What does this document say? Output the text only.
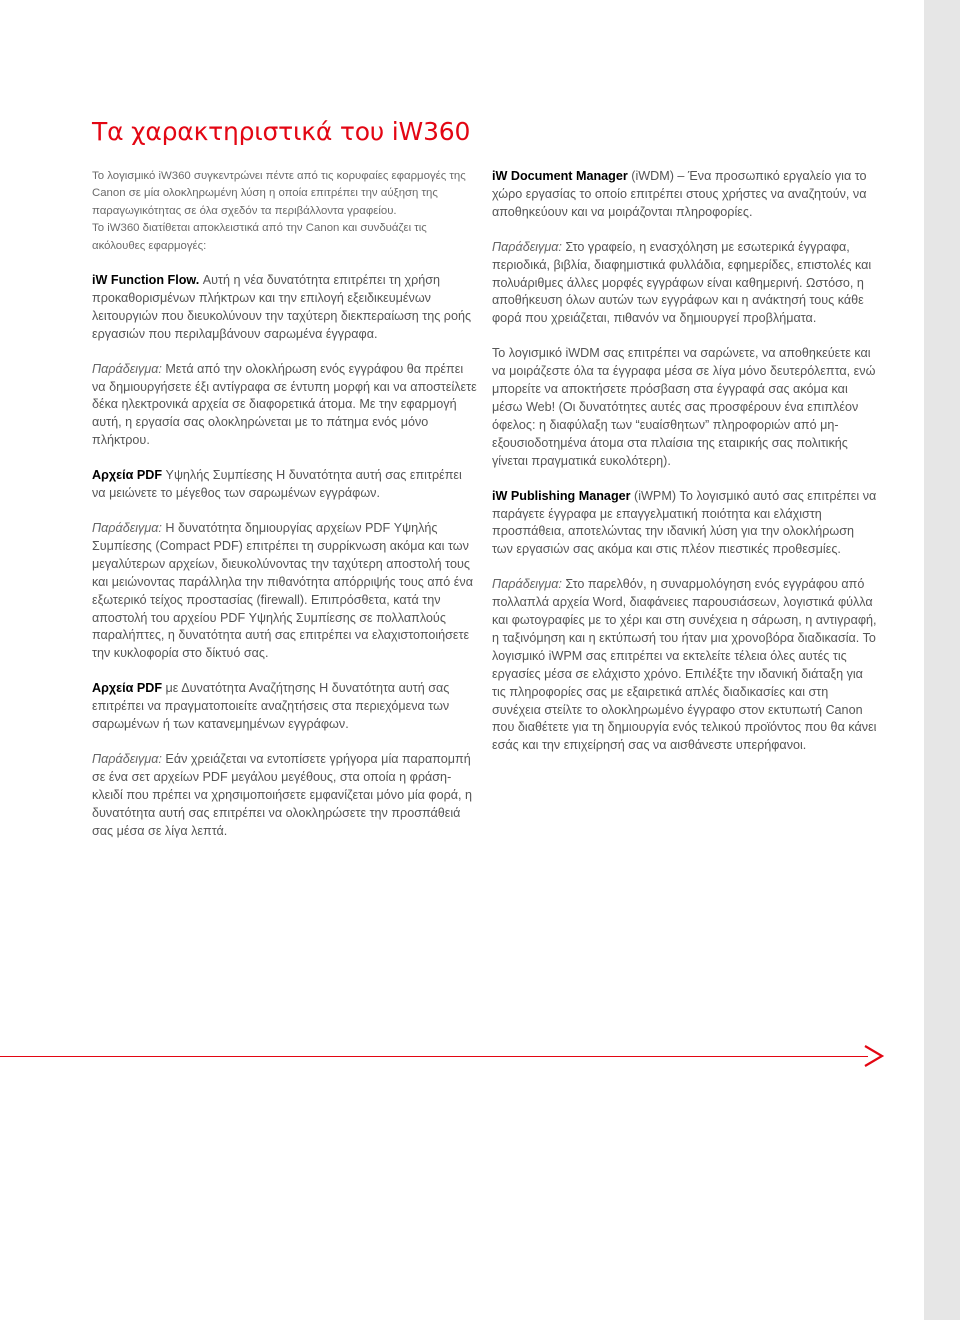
Τα χαρακτηριστικά του iW360

Το λογισμικό iW360 συγκεντρώνει πέντε από τις κορυφαίες εφαρμογές της Canon σε μία ολοκληρωμένη λύση η οποία επιτρέπει την αύξηση της παραγωγικότητας σε όλα σχεδόν τα περιβάλλοντα γραφείου.

Το iW360 διατίθεται αποκλειστικά από την Canon και συνδυάζει τις ακόλουθες εφαρμογές:

iW Function Flow. Αυτή η νέα δυνατότητα επιτρέπει τη χρήση προκαθορισμένων πλήκτρων και την επιλογή εξειδικευμένων λειτουργιών που διευκολύνουν την ταχύτερη διεκπεραίωση της ροής εργασιών που περιλαμβάνουν σαρωμένα έγγραφα.

Παράδειγμα: Μετά από την ολοκλήρωση ενός εγγράφου θα πρέπει να δημιουργήσετε έξι αντίγραφα σε έντυπη μορφή και να αποστείλετε δέκα ηλεκτρονικά αρχεία σε διαφορετικά άτομα. Με την εφαρμογή αυτή, η εργασία σας ολοκληρώνεται με το πάτημα ενός μόνο πλήκτρου.

Αρχεία PDF Υψηλής Συμπίεσης Η δυνατότητα αυτή σας επιτρέπει να μειώνετε το μέγεθος των σαρωμένων εγγράφων.

Παράδειγμα: Η δυνατότητα δημιουργίας αρχείων PDF Υψηλής Συμπίεσης (Compact PDF) επιτρέπει τη συρρίκνωση ακόμα και των μεγαλύτερων αρχείων, διευκολύνοντας την ταχύτερη αποστολή τους και μειώνοντας παράλληλα την πιθανότητα απόρριψής τους από ένα εξωτερικό τείχος προστασίας (firewall). Επιπρόσθετα, κατά την αποστολή του αρχείου PDF Υψηλής Συμπίεσης σε πολλαπλούς παραλήπτες, η δυνατότητα αυτή σας επιτρέπει να ελαχιστοποιήσετε την κυκλοφορία στο δίκτυό σας.

Αρχεία PDF με Δυνατότητα Αναζήτησης Η δυνατότητα αυτή σας επιτρέπει να πραγματοποιείτε αναζητήσεις στα περιεχόμενα των σαρωμένων ή των κατανεμημένων εγγράφων.

Παράδειγμα: Εάν χρειάζεται να εντοπίσετε γρήγορα μία παραπομπή σε ένα σετ αρχείων PDF μεγάλου μεγέθους, στα οποία η φράση-κλειδί που πρέπει να χρησιμοποιήσετε εμφανίζεται μόνο μία φορά, η δυνατότητα αυτή σας επιτρέπει να ολοκληρώσετε την προσπάθειά σας μέσα σε λίγα λεπτά.

iW Document Manager (iWDM) – Ένα προσωπικό εργαλείο για το χώρο εργασίας το οποίο επιτρέπει στους χρήστες να αναζητούν, να αποθηκεύουν και να μοιράζονται πληροφορίες.

Παράδειγμα: Στο γραφείο, η ενασχόληση με εσωτερικά έγγραφα, περιοδικά, βιβλία, διαφημιστικά φυλλάδια, εφημερίδες, επιστολές και πολυάριθμες άλλες μορφές εγγράφων είναι καθημερινή. Ωστόσο, η αποθήκευση όλων αυτών των εγγράφων και η ανάκτησή τους κάθε φορά που χρειάζεται, πιθανόν να δημιουργεί προβλήματα.

Το λογισμικό iWDM σας επιτρέπει να σαρώνετε, να αποθηκεύετε και να μοιράζεστε όλα τα έγγραφα μέσα σε λίγα μόνο δευτερόλεπτα, ενώ μπορείτε να αποκτήσετε πρόσβαση στα έγγραφά σας ακόμα και μέσω Web! (Οι δυνατότητες αυτές σας προσφέρουν ένα επιπλέον όφελος: η διαφύλαξη των “ευαίσθητων” πληροφοριών από μη-εξουσιοδοτημένα άτομα στα πλαίσια της εταιρικής σας πολιτικής γίνεται πραγματικά ευκολότερη).

iW Publishing Manager (iWPM) Το λογισμικό αυτό σας επιτρέπει να παράγετε έγγραφα με επαγγελματική ποιότητα και ελάχιστη προσπάθεια, αποτελώντας την ιδανική λύση για την ολοκλήρωση των εργασιών σας ακόμα και στις πλέον πιεστικές προθεσμίες.

Παράδειγμα: Στο παρελθόν, η συναρμολόγηση ενός εγγράφου από πολλαπλά αρχεία Word, διαφάνειες παρουσιάσεων, λογιστικά φύλλα και φωτογραφίες με το χέρι και στη συνέχεια η σάρωση, η αντιγραφή, η ταξινόμηση και η εκτύπωσή του ήταν μια χρονοβόρα διαδικασία. Το λογισμικό iWPM σας επιτρέπει να εκτελείτε τέλεια όλες αυτές τις εργασίες μέσα σε ελάχιστο χρόνο. Επιλέξτε την ιδανική διάταξη για τις πληροφορίες σας με εξαιρετικά απλές διαδικασίες και στη συνέχεια στείλτε το ολοκληρωμένο έγγραφο στον εκτυπωτή Canon που διαθέτετε για τη δημιουργία ενός τελικού προϊόντος που θα κάνει εσάς και την επιχείρησή σας να αισθάνεστε υπερήφανοι.
